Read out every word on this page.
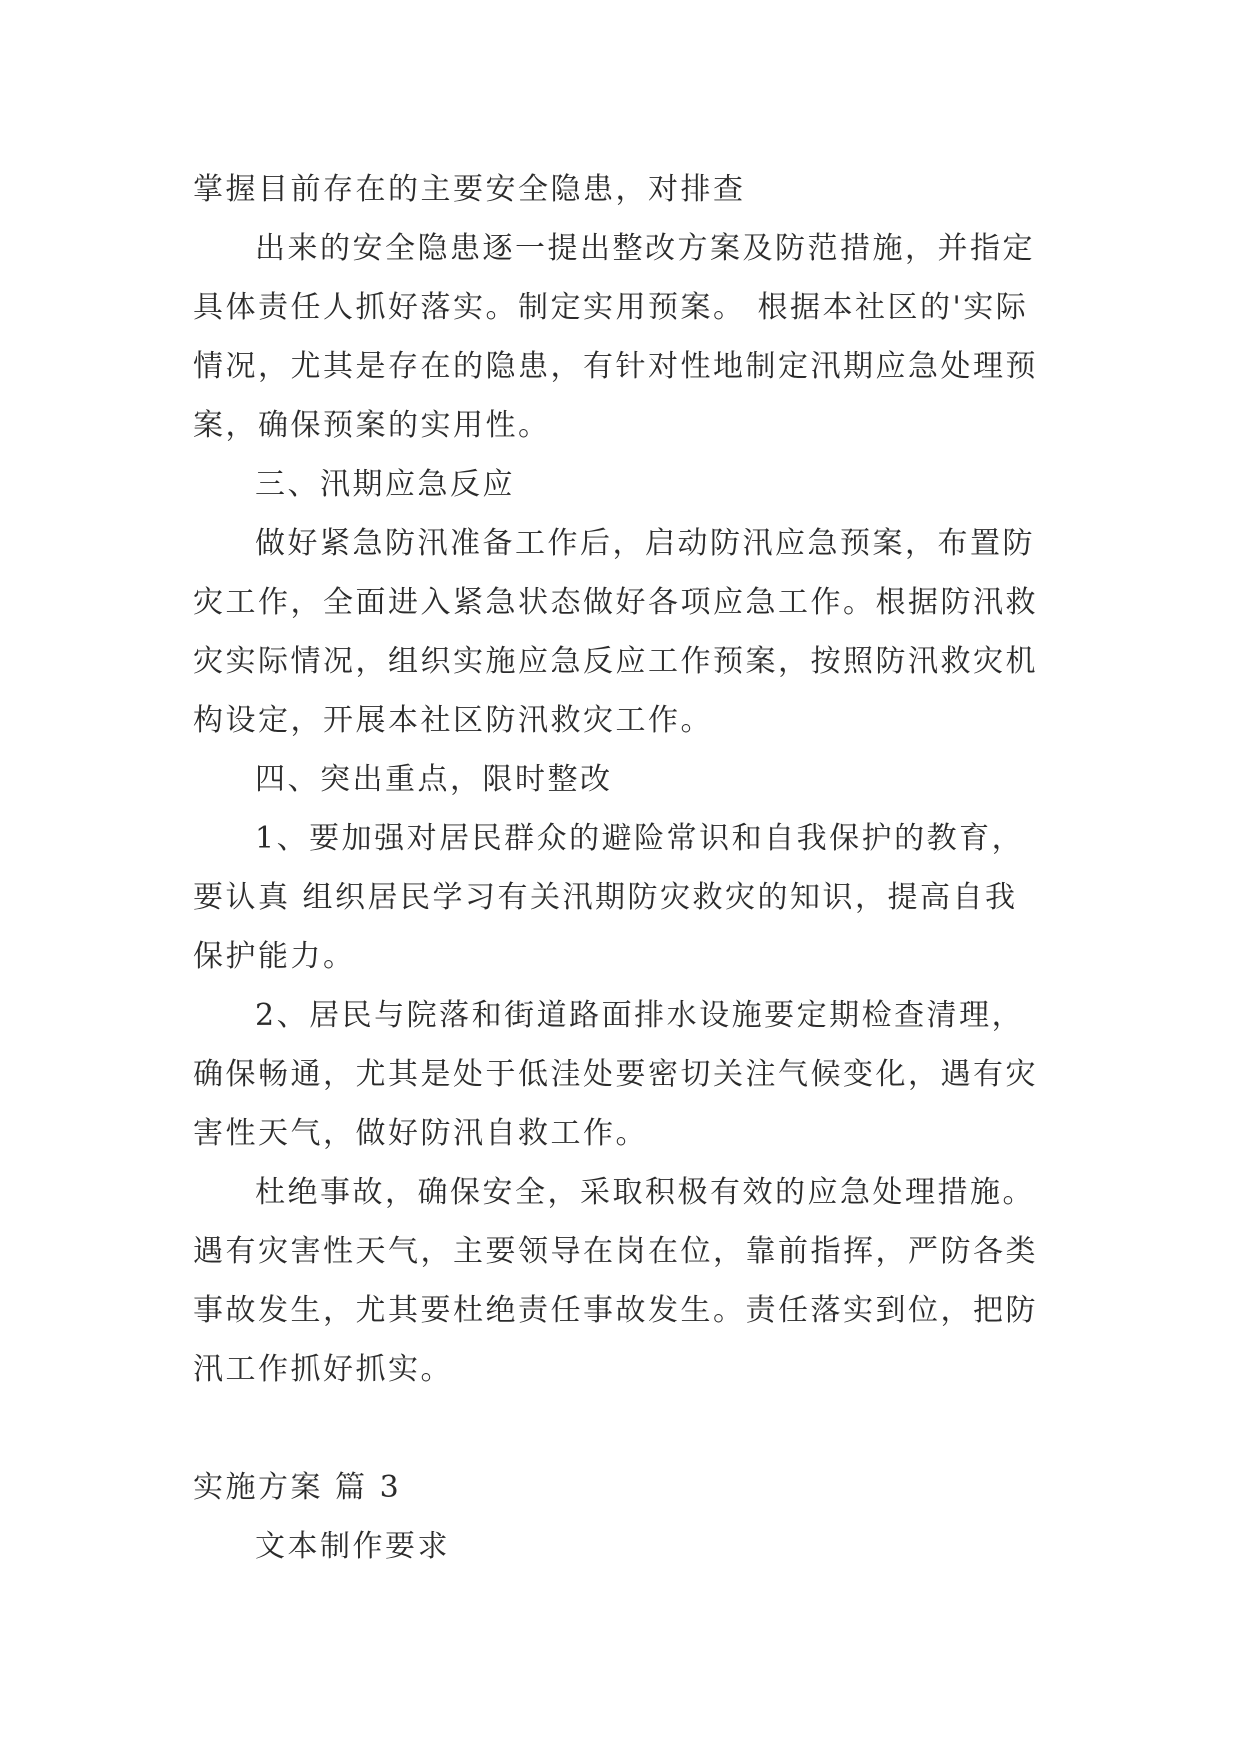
掌握目前存在的主要安全隐患，对排查
出来的安全隐患逐一提出整改方案及防范措施，并指定
具体责任人抓好落实。制定实用预案。 根据本社区的'实际
情况，尤其是存在的隐患，有针对性地制定汛期应急处理预
案，确保预案的实用性。
三、汛期应急反应
做好紧急防汛准备工作后，启动防汛应急预案，布置防
灾工作，全面进入紧急状态做好各项应急工作。根据防汛救
灾实际情况，组织实施应急反应工作预案，按照防汛救灾机
构设定，开展本社区防汛救灾工作。
四、突出重点，限时整改
1、要加强对居民群众的避险常识和自我保护的教育，
要认真 组织居民学习有关汛期防灾救灾的知识，提高自我
保护能力。
2、居民与院落和街道路面排水设施要定期检查清理，
确保畅通，尤其是处于低洼处要密切关注气候变化，遇有灾
害性天气，做好防汛自救工作。
杜绝事故，确保安全，采取积极有效的应急处理措施。
遇有灾害性天气，主要领导在岗在位，靠前指挥，严防各类
事故发生，尤其要杜绝责任事故发生。责任落实到位，把防
汛工作抓好抓实。
实施方案 篇 3
文本制作要求
